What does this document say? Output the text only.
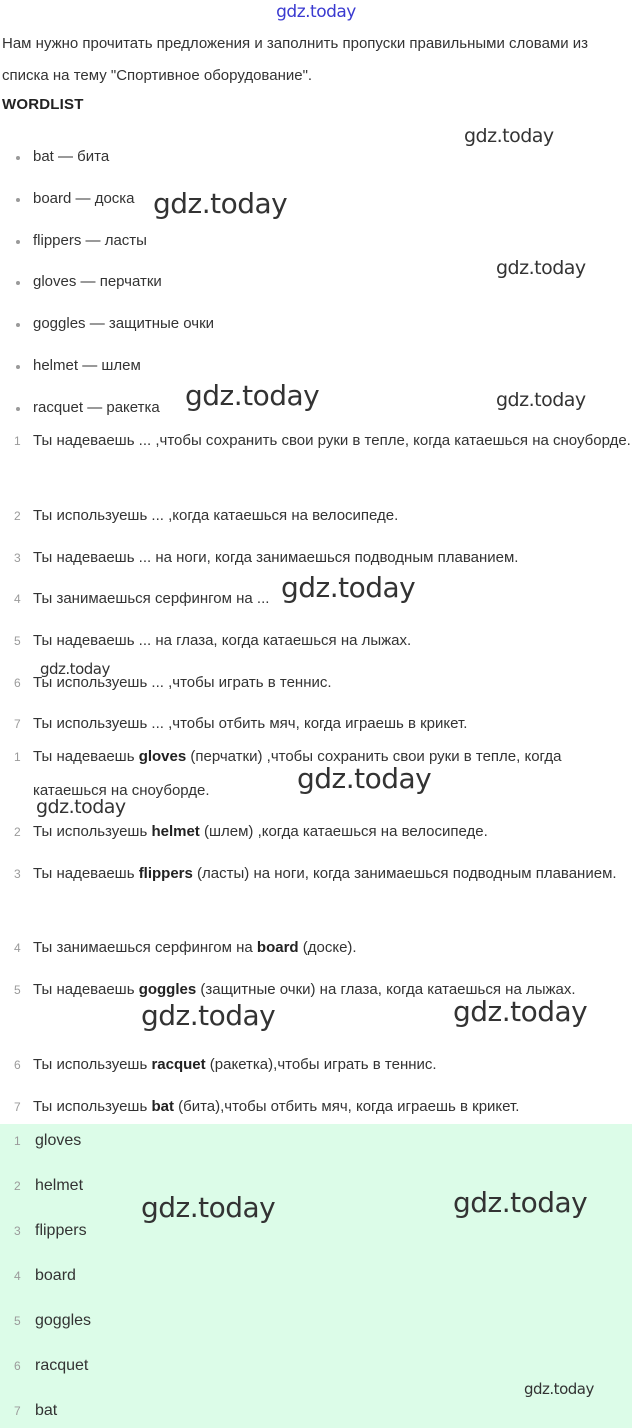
gdz.today

Нам нужно прочитать предложения и заполнить пропуски правильными словами из списка на тему "Спортивное оборудование".

WORDLIST
bat — бита
board — доска
flippers — ласты
gloves — перчатки
goggles — защитные очки
helmet — шлем
racquet — ракетка
1 Ты надеваешь ... ,чтобы сохранить свои руки в тепле, когда катаешься на сноуборде.
2 Ты используешь ... ,когда катаешься на велосипеде.
3 Ты надеваешь ... на ноги, когда занимаешься подводным плаванием.
4 Ты занимаешься серфингом на ...
5 Ты надеваешь ... на глаза, когда катаешься на лыжах.
6 Ты используешь ... ,чтобы играть в теннис.
7 Ты используешь ... ,чтобы отбить мяч, когда играешь в крикет.
1 Ты надеваешь gloves (перчатки) ,чтобы сохранить свои руки в тепле, когда катаешься на сноуборде.
2 Ты используешь helmet (шлем) ,когда катаешься на велосипеде.
3 Ты надеваешь flippers (ласты) на ноги, когда занимаешься подводным плаванием.
4 Ты занимаешься серфингом на board (доске).
5 Ты надеваешь goggles (защитные очки) на глаза, когда катаешься на лыжах.
6 Ты используешь racquet (ракетка),чтобы играть в теннис.
7 Ты используешь bat (бита),чтобы отбить мяч, когда играешь в крикет.
1 gloves
2 helmet
3 flippers
4 board
5 goggles
6 racquet
7 bat
gdz.today
gdz.today
gdz.today
gdz.today	gdz.today
gdz.today
gdz.today
gdz.today
gdz.today
gdz.today	gdz.today
gdz.today	gdz.today
gdz.today
